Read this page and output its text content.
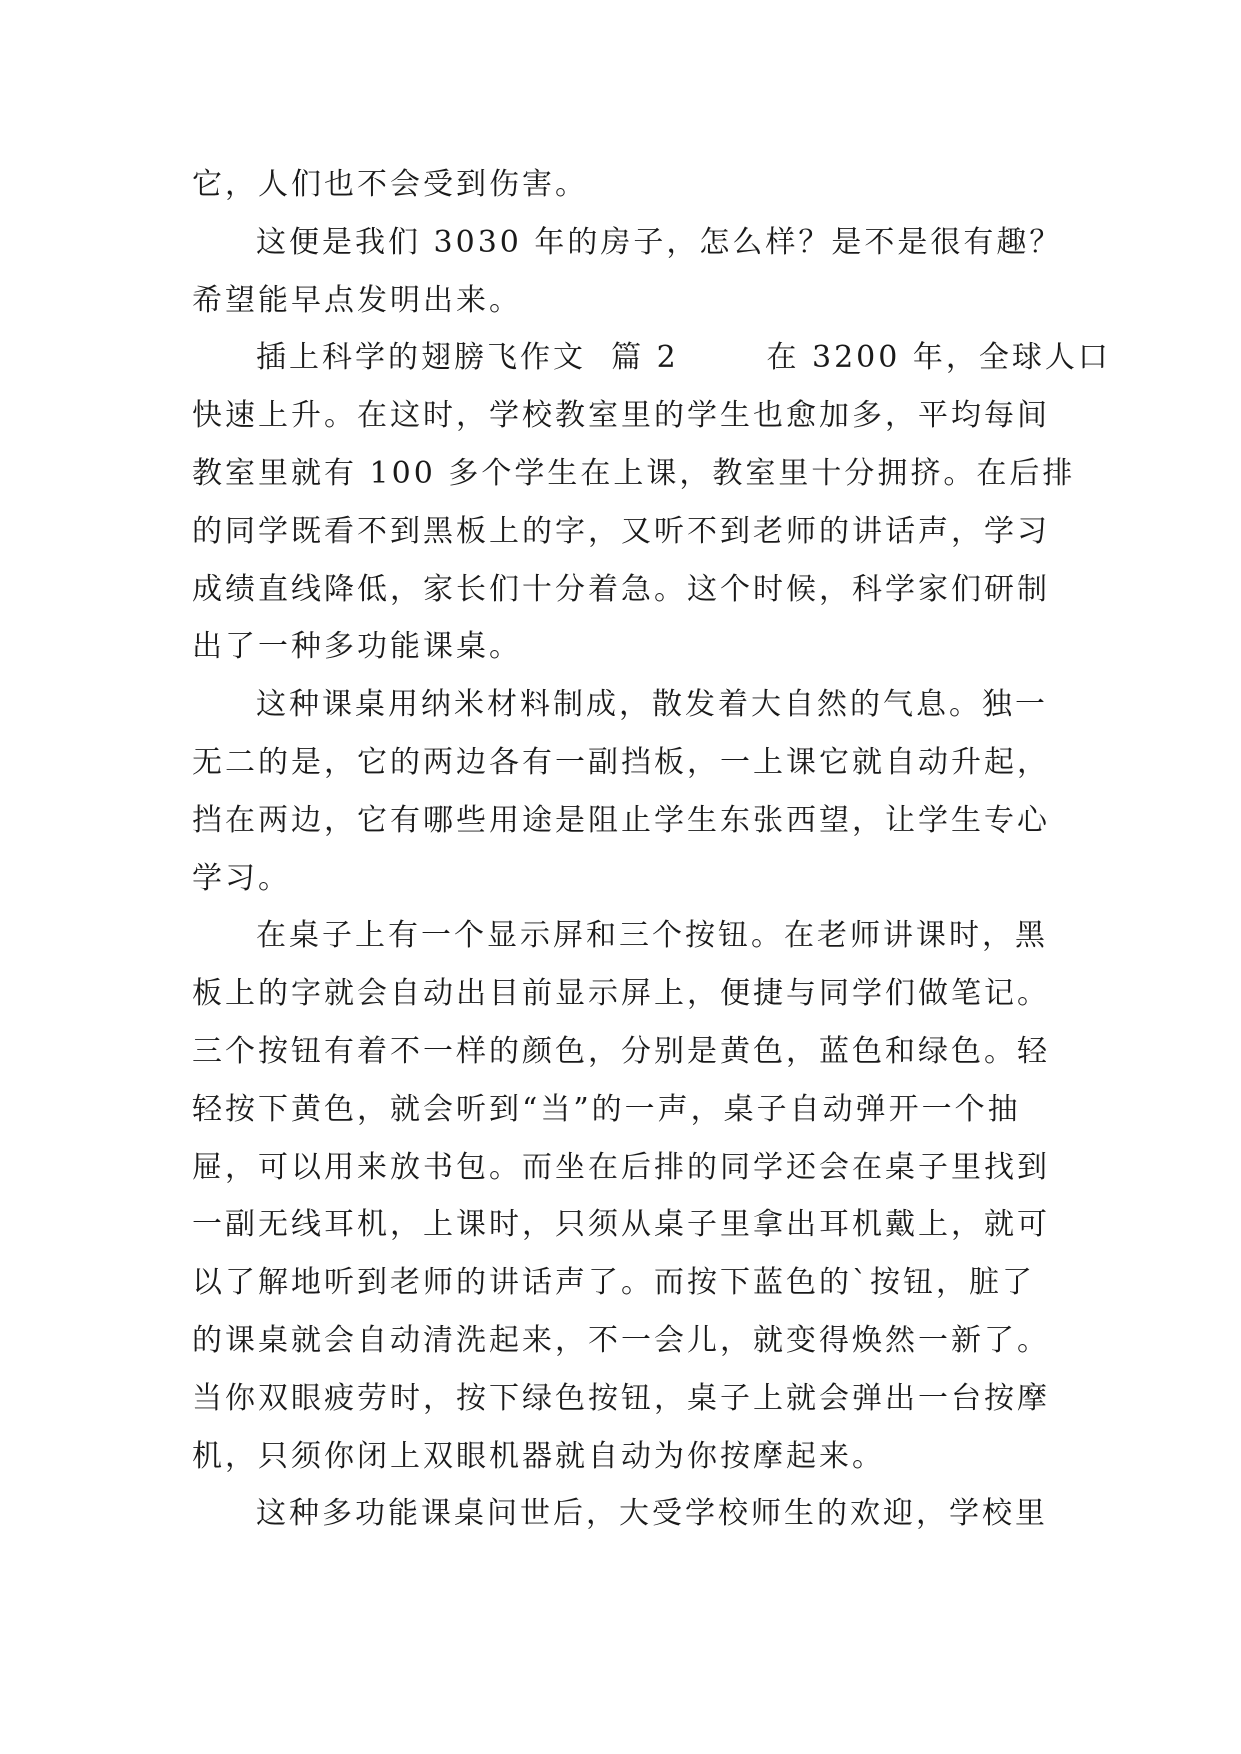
它，人们也不会受到伤害。
这便是我们 3030 年的房子，怎么样？是不是很有趣？
希望能早点发明出来。
插上科学的翅膀飞作文  篇 2       在 3200 年，全球人口
快速上升。在这时，学校教室里的学生也愈加多，平均每间
教室里就有 100 多个学生在上课，教室里十分拥挤。在后排
的同学既看不到黑板上的字，又听不到老师的讲话声，学习
成绩直线降低，家长们十分着急。这个时候，科学家们研制
出了一种多功能课桌。
这种课桌用纳米材料制成，散发着大自然的气息。独一
无二的是，它的两边各有一副挡板，一上课它就自动升起，
挡在两边，它有哪些用途是阻止学生东张西望，让学生专心
学习。
在桌子上有一个显示屏和三个按钮。在老师讲课时，黑
板上的字就会自动出目前显示屏上，便捷与同学们做笔记。
三个按钮有着不一样的颜色，分别是黄色，蓝色和绿色。轻
轻按下黄色，就会听到“当”的一声，桌子自动弹开一个抽
屉，可以用来放书包。而坐在后排的同学还会在桌子里找到
一副无线耳机，上课时，只须从桌子里拿出耳机戴上，就可
以了解地听到老师的讲话声了。而按下蓝色的`按钮，脏了
的课桌就会自动清洗起来，不一会儿，就变得焕然一新了。
当你双眼疲劳时，按下绿色按钮，桌子上就会弹出一台按摩
机，只须你闭上双眼机器就自动为你按摩起来。
这种多功能课桌问世后，大受学校师生的欢迎，学校里
